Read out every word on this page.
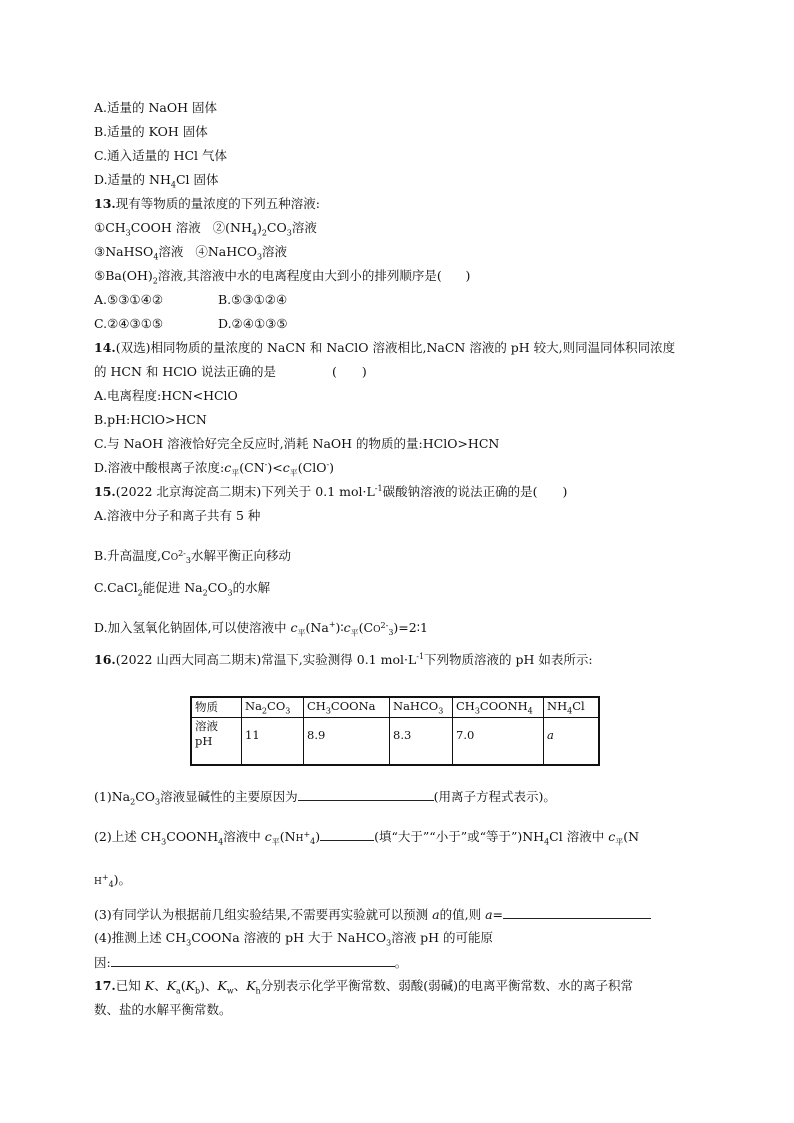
A.适量的 NaOH 固体
B.适量的 KOH 固体
C.通入适量的 HCl 气体
D.适量的 $NH_4Cl$ 固体
13.现有等物质的量浓度的下列五种溶液:
$①CH_3COOH$ 溶液 $②(NH_4)_2CO_3$溶液
③NaHSO$_4$溶液 ④NaHCO$_3$溶液
$⑤Ba(OH)_2$溶液,其溶液中水的电离程度由大到小的排列顺序是( )
A.⑤③①④②	B.⑤③①②④
C.②④③①⑤	D.②④①③⑤
14.(双选)相同物质的量浓度的 NaCN 和 NaClO 溶液相比,NaCN 溶液的 pH 较大,则同温同体积同浓度
的 HCN 和 HClO 说法正确的是	(　　)
A.电离程度:HCN<HClO
B.pH:HClO>HCN
C.与 NaOH 溶液恰好完全反应时,消耗 NaOH 的物质的量:HClO>HCN
D.溶液中酸根离子浓度$:c_平(CN^-)<c_平(ClO^-)$
15.(2022 北京海淀高二期末)下列关于 0.1 $mol\cdot L^{-1}$碳酸钠溶液的说法正确的是(　　)
A.溶液中分子和离子共有 5 种
B.升高温度$,CO^{2-}_3$水解平衡正向移动
C.CaCl$_2$能促进 $Na_2CO_3$的水解
D.加入氢氧化钠固体,可以使溶液中 $c_平(Na^+)∶c_平(CO^{2-}_3)=2∶1$
16.(2022 山西大同高二期末)常温下,实验测得 0.1 $mol\cdot L^{-1}$下列物质溶液的 pH 如表所示:
物质	$Na_2CO_3$	$CH_3COONa$	NaHCO$_3$	$CH_3COONH_4$	$NH_4Cl$
溶液
pH	11	8.9	8.3	7.0	a
$(1)Na_2CO_3$溶液显碱性的主要原因为	(用离子方程式表示)。
(2)上述 $CH_3COONH_4$溶液中 $c_平(NH^+_4)$	(填“大于”“小于”或“等于$”)NH_4Cl$ 溶液中 $c_平(N$
$H^+_4$)。
(3)有同学认为根据前几组实验结果,不需要再实验就可以预测 a的值,则 a=
(4)推测上述 $CH_3COONa$ 溶液的 pH 大于 NaHCO$_3$溶液 pH 的可能原
因:	。
17.已知 K、$K_a(K_b)$、$K_w$、$K_h$分别表示化学平衡常数、弱酸(弱碱)的电离平衡常数、水的离子积常
数、盐的水解平衡常数。
